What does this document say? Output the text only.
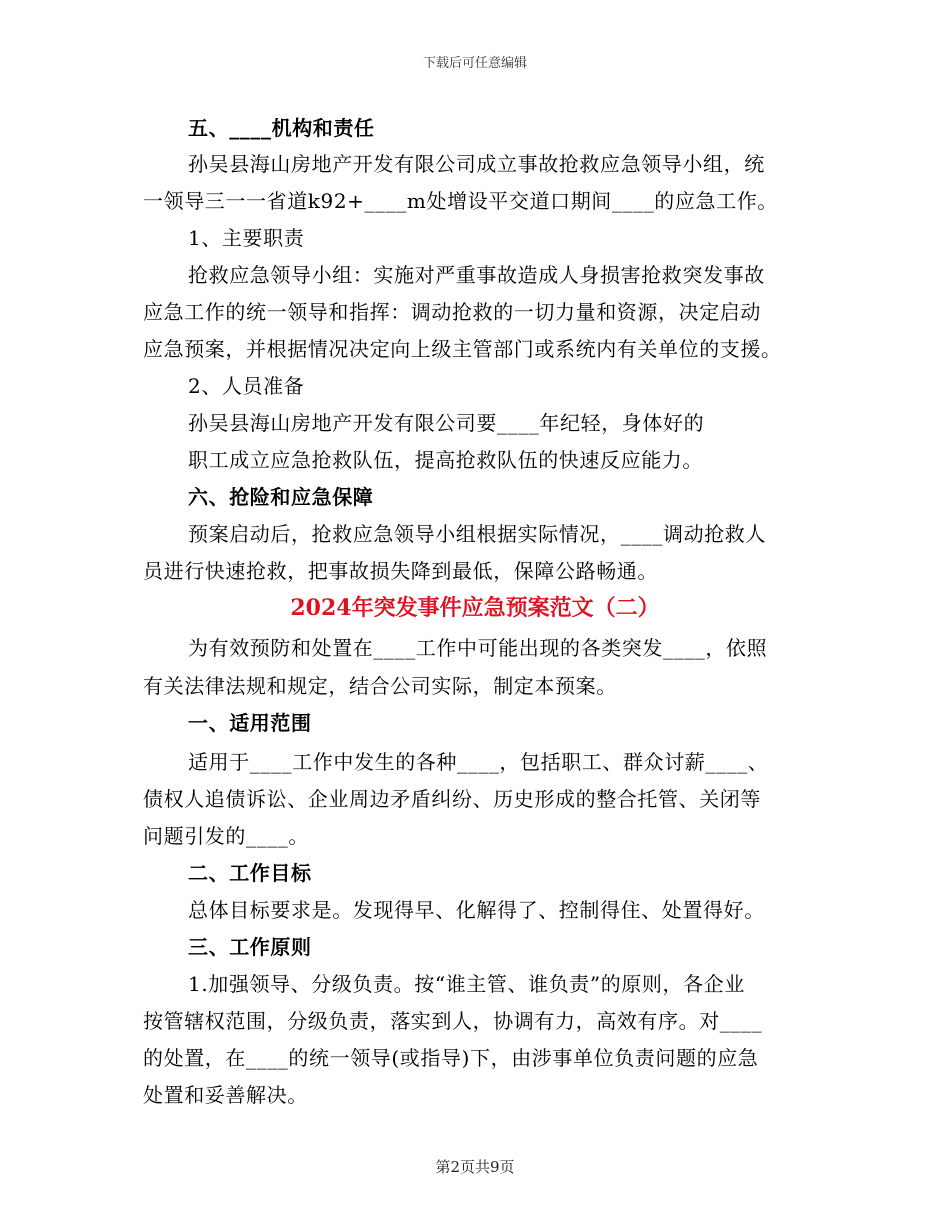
下载后可任意编辑
五、____机构和责任
孙吴县海山房地产开发有限公司成立事故抢救应急领导小组，统
一领导三一一省道k92+____m处增设平交道口期间____的应急工作。
1、主要职责
抢救应急领导小组：实施对严重事故造成人身损害抢救突发事故
应急工作的统一领导和指挥：调动抢救的一切力量和资源，决定启动
应急预案，并根据情况决定向上级主管部门或系统内有关单位的支援。
2、人员准备
孙吴县海山房地产开发有限公司要____年纪轻，身体好的
职工成立应急抢救队伍，提高抢救队伍的快速反应能力。
六、抢险和应急保障
预案启动后，抢救应急领导小组根据实际情况，____调动抢救人
员进行快速抢救，把事故损失降到最低，保障公路畅通。
2024年突发事件应急预案范文（二）
为有效预防和处置在____工作中可能出现的各类突发____，依照
有关法律法规和规定，结合公司实际，制定本预案。
一、适用范围
适用于____工作中发生的各种____，包括职工、群众讨薪____、
债权人追债诉讼、企业周边矛盾纠纷、历史形成的整合托管、关闭等
问题引发的____。
二、工作目标
总体目标要求是。发现得早、化解得了、控制得住、处置得好。
三、工作原则
1.加强领导、分级负责。按“谁主管、谁负责”的原则，各企业
按管辖权范围，分级负责，落实到人，协调有力，高效有序。对____
的处置，在____的统一领导(或指导)下，由涉事单位负责问题的应急
处置和妥善解决。
第2页共9页
